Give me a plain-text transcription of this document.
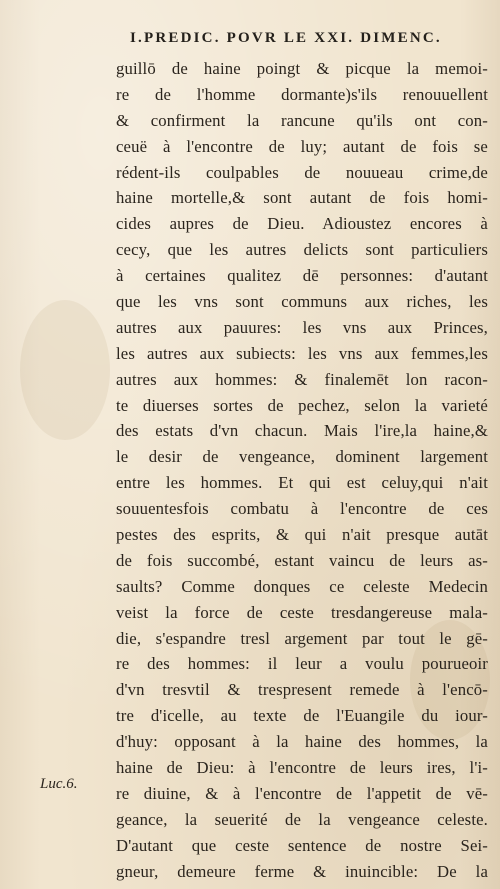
I.PREDIC. POVR LE XXI. DIMENC.
guillō de haine poingt & picque la memoi-
re de l'homme dormante)s'ils renouuellent
& confirment la rancune qu'ils ont con-
ceuë à l'encontre de luy; autant de fois se
rédent-ils coulpables de nouueau crime,de
haine mortelle,& sont autant de fois homi-
cides aupres de Dieu. Adioustez encores à
cecy, que les autres delicts sont particuliers
à certaines qualitez dē personnes: d'autant
que les vns sont communs aux riches, les
autres aux pauures: les vns aux Princes,
les autres aux subiects: les vns aux femmes,les
autres aux hommes: & finalemēt lon racon-
te diuerses sortes de pechez, selon la varieté
des estats d'vn chacun. Mais l'ire,la haine,&
le desir de vengeance, dominent largement
entre les hommes. Et qui est celuy,qui n'ait
souuentesfois combatu à l'encontre de ces
pestes des esprits, & qui n'ait presque autāt
de fois succombé, estant vaincu de leurs as-
saults? Comme donques ce celeste Medecin
veist la force de ceste tresdangereuse mala-
die, s'espandre tresl argement par tout le gē-
re des hommes: il leur a voulu pourueoir
d'vn tresvtil & trespresent remede à l'encō-
tre d'icelle, au texte de l'Euangile du iour-
d'huy: opposant à la haine des hommes, la
haine de Dieu: à l'encontre de leurs ires, l'i-
re diuine, & à l'encontre de l'appetit de vē-
geance, la seuerité de la vengeance celeste.
D'autant que ceste sentence de nostre Sei-
gneur, demeure ferme & inuincible: De la
Luc.6.
